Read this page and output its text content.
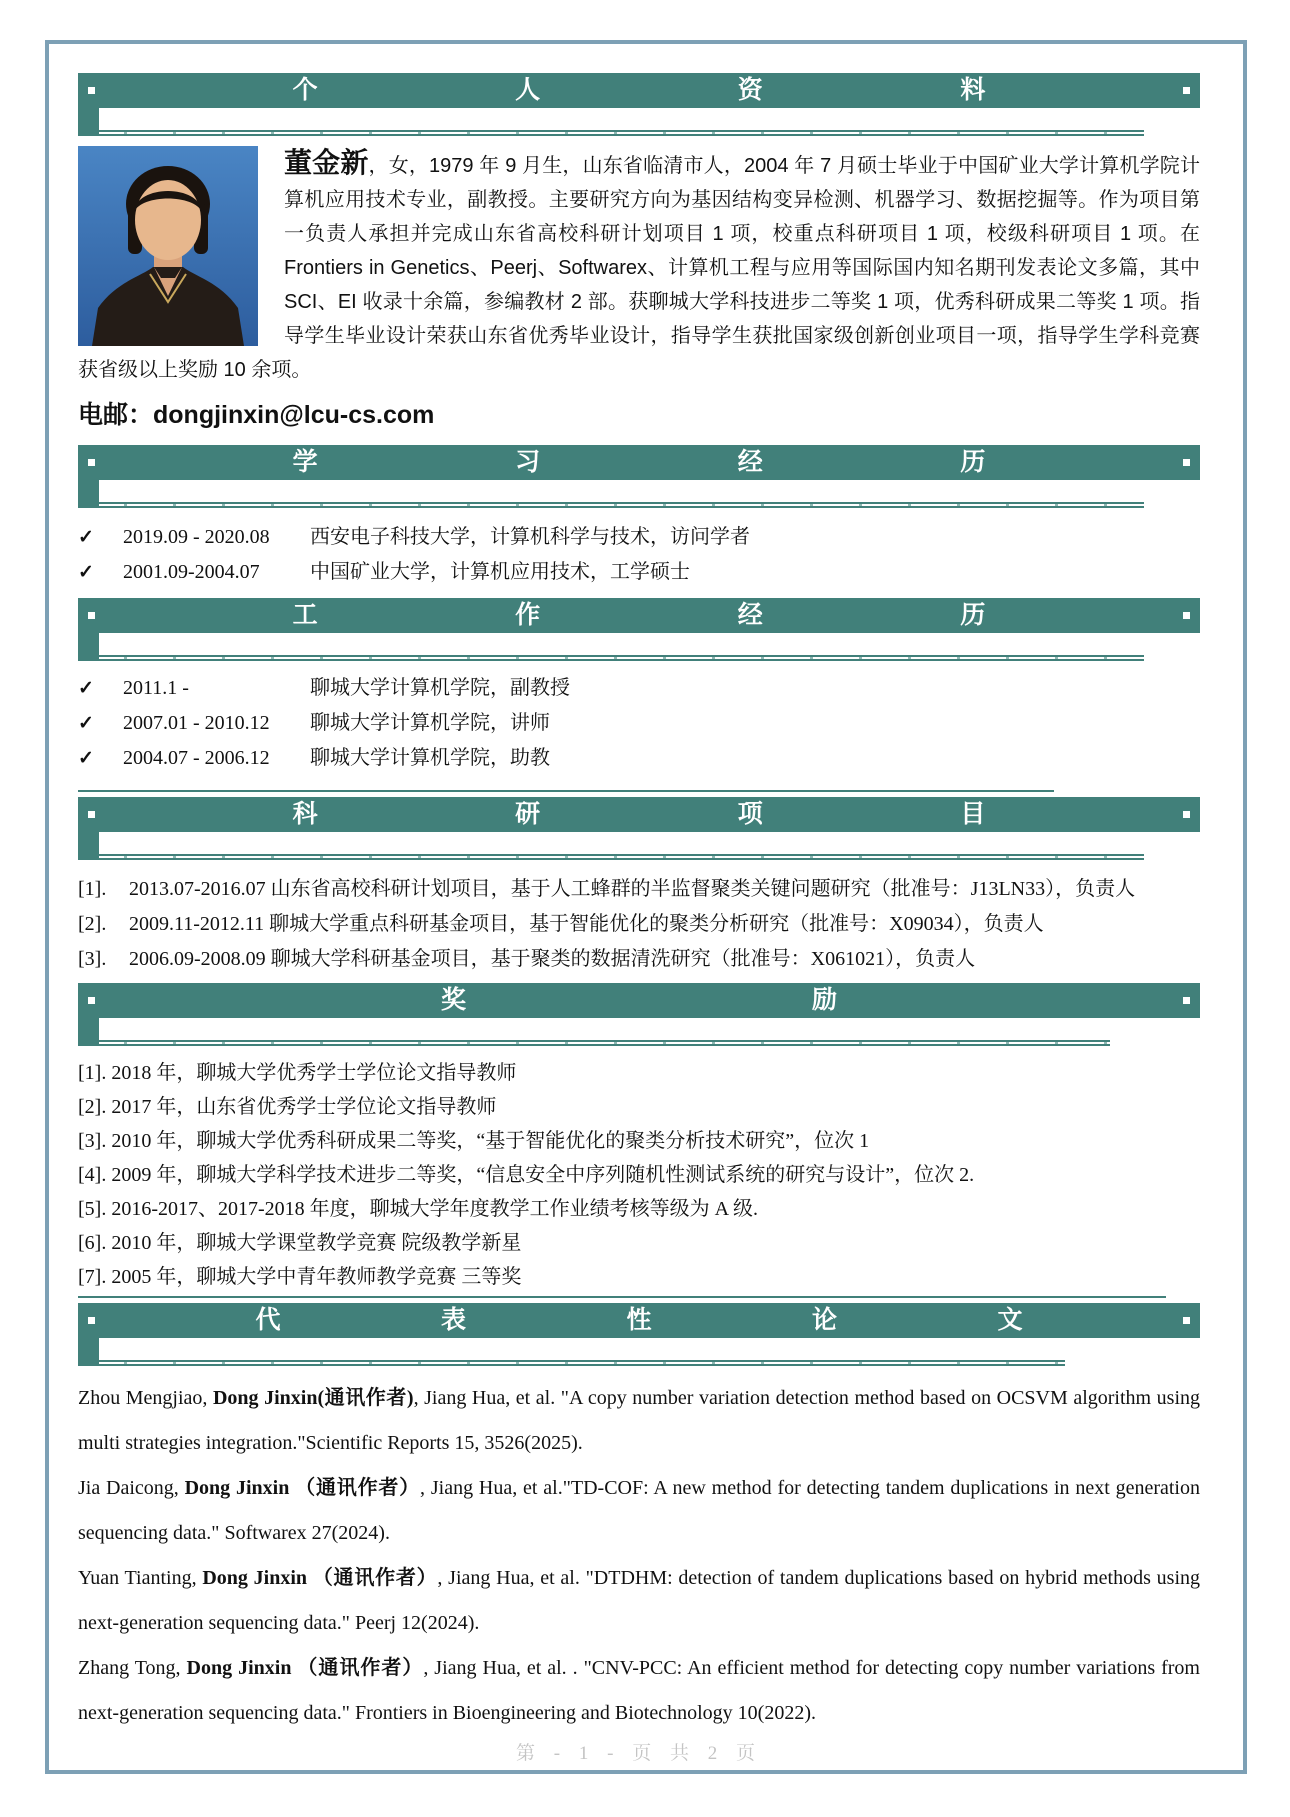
个	人	资	料

董金新，女，1979 年 9 月生，山东省临清市人，2004 年 7 月硕士毕业于中国矿业大学计算机学院计算机应用技术专业，副教授。主要研究方向为基因结构变异检测、机器学习、数据挖掘等。作为项目第一负责人承担并完成山东省高校科研计划项目 1 项，校重点科研项目 1 项，校级科研项目 1 项。在 Frontiers in Genetics、Peerj、Softwarex、计算机工程与应用等国际国内知名期刊发表论文多篇，其中 SCI、EI 收录十余篇，参编教材 2 部。获聊城大学科技进步二等奖 1 项，优秀科研成果二等奖 1 项。指导学生毕业设计荣获山东省优秀毕业设计，指导学生获批国家级创新创业项目一项，指导学生学科竞赛获省级以上奖励 10 余项。

电邮：dongjinxin@lcu-cs.com
学	习	经	历
✓ 2019.09 - 2020.08 西安电子科技大学，计算机科学与技术，访问学者
✓ 2001.09-2004.07	中国矿业大学，计算机应用技术，工学硕士
工	作	经	历
✓ 2011.1 -	聊城大学计算机学院，副教授
✓ 2007.01 - 2010.12 聊城大学计算机学院，讲师
✓ 2004.07 - 2006.12 聊城大学计算机学院，助教
科	研	项	目
[1]. 2013.07-2016.07 山东省高校科研计划项目，基于人工蜂群的半监督聚类关键问题研究（批准号：J13LN33），负责人
[2]. 2009.11-2012.11 聊城大学重点科研基金项目，基于智能优化的聚类分析研究（批准号：X09034），负责人
[3]. 2006.09-2008.09 聊城大学科研基金项目，基于聚类的数据清洗研究（批准号：X061021），负责人
奖	励
[1]. 2018 年，聊城大学优秀学士学位论文指导教师
[2]. 2017 年，山东省优秀学士学位论文指导教师
[3]. 2010 年，聊城大学优秀科研成果二等奖，“基于智能优化的聚类分析技术研究”，位次 1
[4]. 2009 年，聊城大学科学技术进步二等奖，“信息安全中序列随机性测试系统的研究与设计”，位次 2.
[5]. 2016-2017、2017-2018 年度，聊城大学年度教学工作业绩考核等级为 A 级.
[6]. 2010 年，聊城大学课堂教学竞赛 院级教学新星
[7]. 2005 年，聊城大学中青年教师教学竞赛 三等奖
代	表	性	论	文

Zhou Mengjiao, Dong Jinxin(通讯作者), Jiang Hua, et al. "A copy number variation detection method based on OCSVM algorithm using multi strategies integration."Scientific Reports 15, 3526(2025).

Jia Daicong, Dong Jinxin （通讯作者）, Jiang Hua, et al."TD-COF: A new method for detecting tandem duplications in next generation sequencing data." Softwarex 27(2024).

Yuan Tianting, Dong Jinxin （通讯作者）, Jiang Hua, et al. "DTDHM: detection of tandem duplications based on hybrid methods using next-generation sequencing data." Peerj 12(2024).

Zhang Tong, Dong Jinxin （通讯作者）, Jiang Hua, et al. . "CNV-PCC: An efficient method for detecting copy number variations from next-generation sequencing data." Frontiers in Bioengineering and Biotechnology 10(2022).

第 - 1 - 页 共 2 页
